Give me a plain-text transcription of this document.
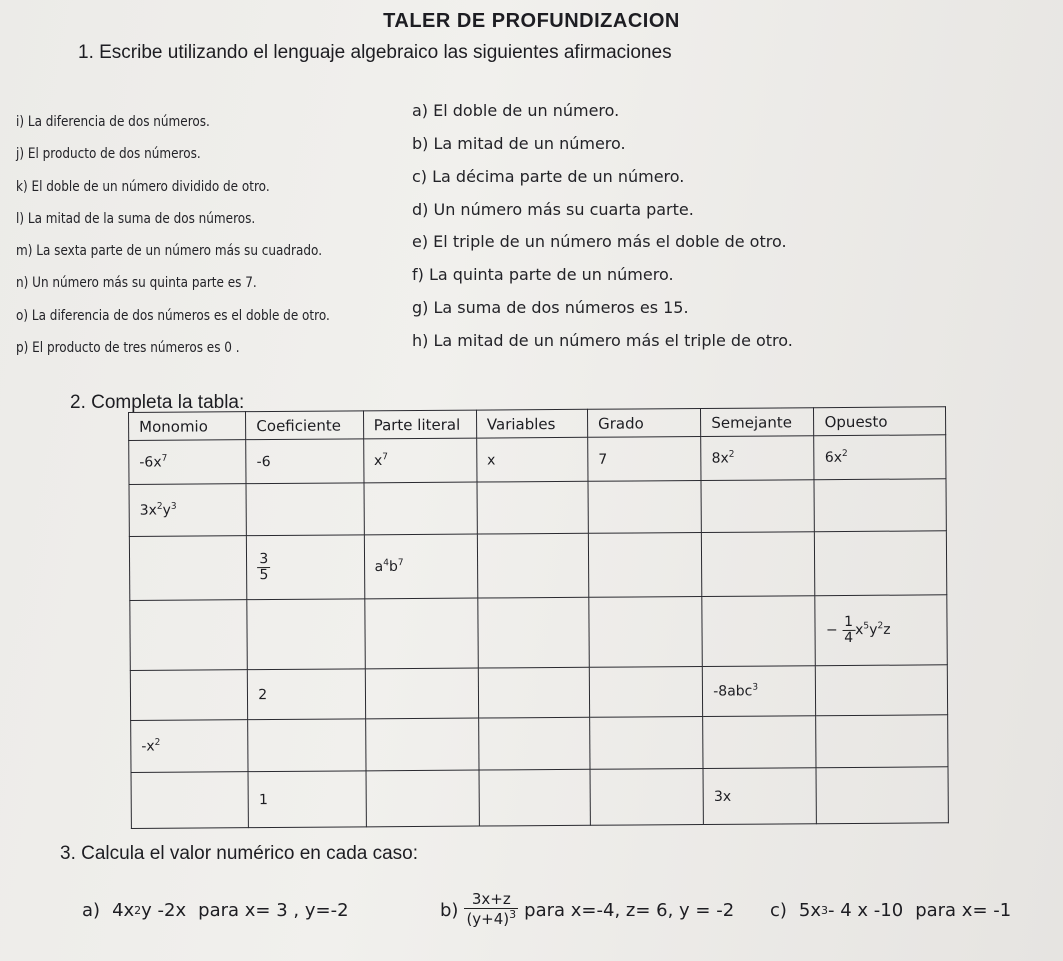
TALER DE PROFUNDIZACION
1. Escribe utilizando el lenguaje algebraico las siguientes afirmaciones
i) La diferencia de dos números.
j) El producto de dos números.
k) El doble de un número dividido de otro.
l) La mitad de la suma de dos números.
m) La sexta parte de un número más su cuadrado.
n) Un número más su quinta parte es 7.
o) La diferencia de dos números es el doble de otro.
p) El producto de tres números es 0 .
a) El doble de un número.
b) La mitad de un número.
c) La décima parte de un número.
d) Un número más su cuarta parte.
e) El triple de un número más el doble de otro.
f) La quinta parte de un número.
g) La suma de dos números es 15.
h) La mitad de un número más el triple de otro.
2. Completa la tabla:
Monomio	Coeficiente	Parte literal	Variables	Grado	Semejante	Opuesto
$-6x^7$	-6	$x^7$	x	7	$8x^2$	$6x^2$
$3x^2y^3$						

	$\frac{3}{5}$	$a^4b^7$				
						− $\frac{1}{4} x^5y^2z$
	2				-8abc$^3$	
$-x^2$						
	1				3x	
3. Calcula el valor numérico en cada caso:
a) 4x 2 y -2x para x= 3 , y=-2	$b) \frac{3x+z}{(y+4)^3}$ para x=-4, z= 6, y = -2 c) 5x 3 - 4 x -10 para x= -1
